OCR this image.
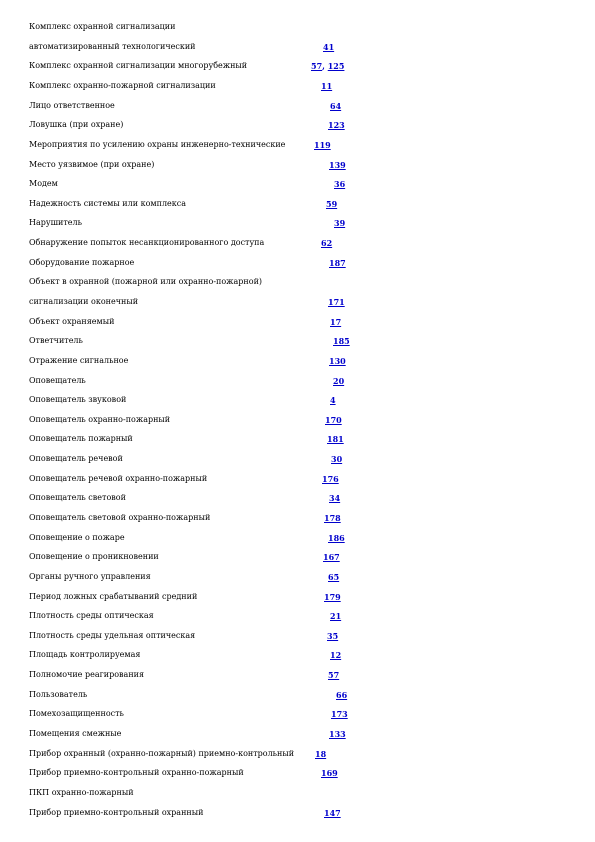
Комплекс охранной сигнализации
автоматизированный технологический	41
Комплекс охранной сигнализации многорубежный	57, 125
Комплекс охранно-пожарной сигнализации	11
Лицо ответственное	64
Ловушка (при охране)	123
Мероприятия по усилению охраны инженерно-технические	119
Место уязвимое (при охране)	139
Модем	36
Надежность системы или комплекса	59
Нарушитель	39
Обнаружение попыток несанкционированного доступа	62
Оборудование пожарное	187
Объект в охранной (пожарной или охранно-пожарной)
сигнализации оконечный	171
Объект охраняемый	17
Ответчитель	185
Отражение сигнальное	130
Оповещатель	20
Оповещатель звуковой	4
Оповещатель охранно-пожарный	170
Оповещатель пожарный	181
Оповещатель речевой	30
Оповещатель речевой охранно-пожарный	176
Оповещатель световой	34
Оповещатель световой охранно-пожарный	178
Оповещение о пожаре	186
Оповещение о проникновении	167
Органы ручного управления	65
Период ложных срабатываний средний	179
Плотность среды оптическая	21
Плотность среды удельная оптическая	35
Площадь контролируемая	12
Полномочие реагирования	57
Пользователь	66
Помехозащищенность	173
Помещения смежные	133
Прибор охранный (охранно-пожарный) приемно-контрольный	18
Прибор приемно-контрольный охранно-пожарный	169
ПКП охранно-пожарный
Прибор приемно-контрольный охранный	147
